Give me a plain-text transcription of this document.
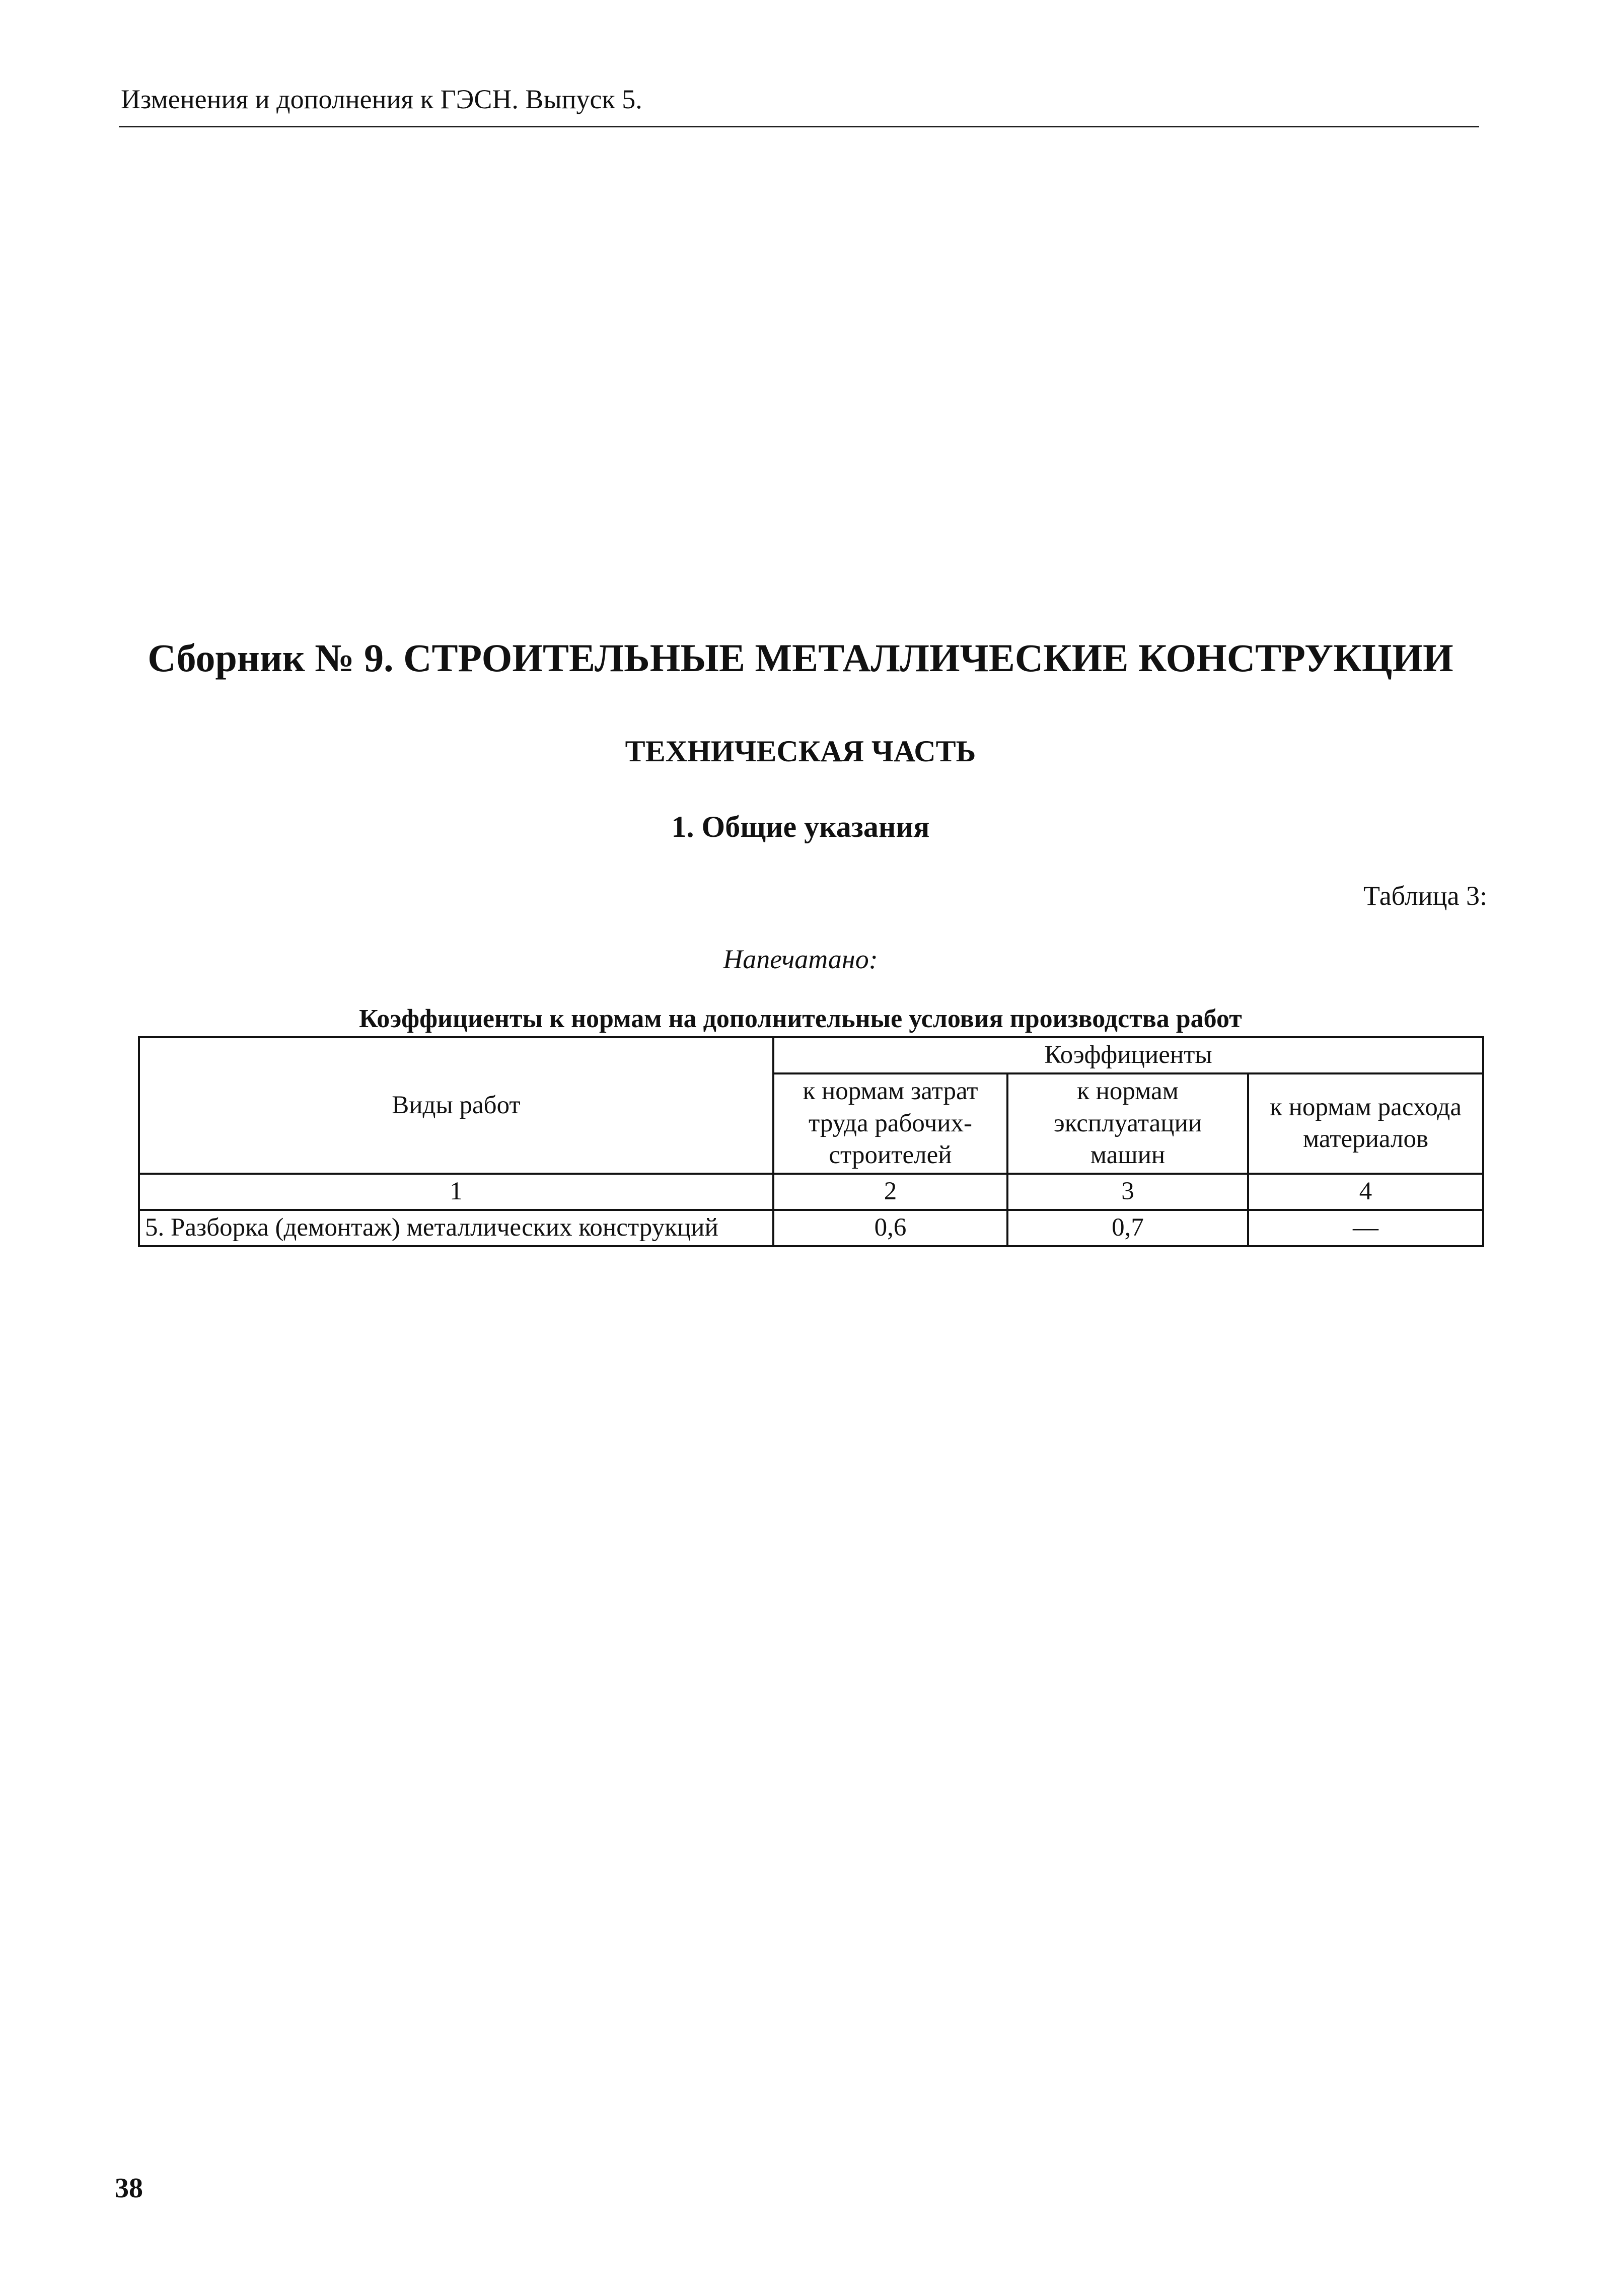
Изменения и дополнения к ГЭСН. Выпуск 5.
Сборник № 9. СТРОИТЕЛЬНЫЕ МЕТАЛЛИЧЕСКИЕ КОНСТРУКЦИИ
ТЕХНИЧЕСКАЯ ЧАСТЬ
1. Общие указания
Таблица 3:
Напечатано:
Коэффициенты к нормам на дополнительные условия производства работ
Виды работ	Коэффициенты		
	к нормам затрат труда рабочих-строителей	к нормам эксплуатации машин	к нормам расхода материалов
1	2	3	4
5. Разборка (демонтаж) металлических конструкций	0,6	0,7	—
38
